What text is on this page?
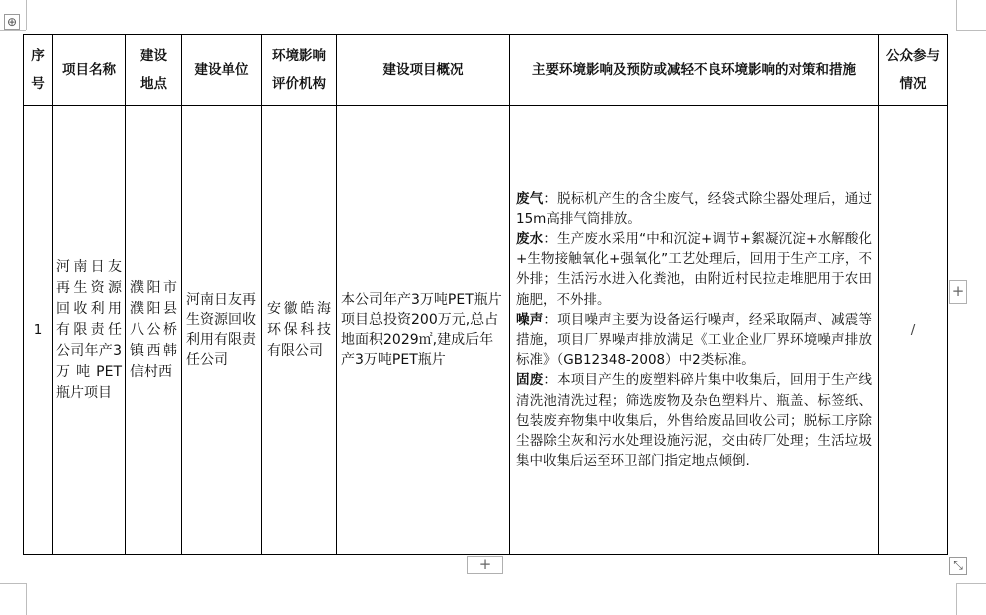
⊕
序号	项目名称	建设地点	建设单位	环境影响评价机构	建设项目概况	主要环境影响及预防或减轻不良环境影响的对策和措施	公众参与情况
1	河南日友再生资源回收利用有限责任公司年产3万吨PET瓶片项目	濮阳市濮阳县八公桥镇西韩信村西	河南日友再生资源回收利用有限责任公司	安徽皓海环保科技有限公司	本公司年产3万吨PET瓶片项目总投资200万元,总占地面积2029㎡,建成后年产3万吨PET瓶片	废气：脱标机产生的含尘废气，经袋式除尘器处理后，通过15m高排气筒排放。

废水：生产废水采用“中和沉淀+调节+絮凝沉淀+水解酸化+生物接触氧化+强氧化”工艺处理后，回用于生产工序，不外排；生活污水进入化粪池，由附近村民拉走堆肥用于农田施肥，不外排。

噪声：项目噪声主要为设备运行噪声，经采取隔声、减震等措施，项目厂界噪声排放满足《工业企业厂界环境噪声排放标准》（GB12348-2008）中2类标准。

固废：本项目产生的废塑料碎片集中收集后，回用于生产线清洗池清洗过程；筛选废物及杂色塑料片、瓶盖、标签纸、包装废弃物集中收集后，外售给废品回收公司；脱标工序除尘器除尘灰和污水处理设施污泥，交由砖厂处理；生活垃圾集中收集后运至环卫部门指定地点倾倒.	/
+
+	⤡
